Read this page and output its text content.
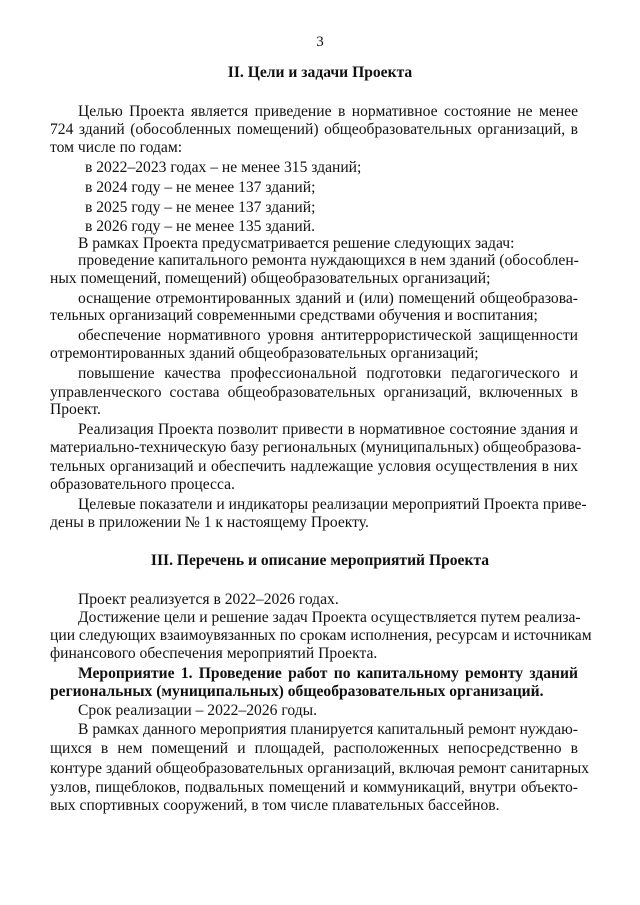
3
II. Цели и задачи Проекта
Целью Проекта является приведение в нормативное состояние не менее
724 зданий (обособленных помещений) общеобразовательных организаций, в
том числе по годам:
в 2022–2023 годах – не менее 315 зданий;
в 2024 году – не менее 137 зданий;
в 2025 году – не менее 137 зданий;
в 2026 году – не менее 135 зданий.
В рамках Проекта предусматривается решение следующих задач:
проведение капитального ремонта нуждающихся в нем зданий (обособлен-
ных помещений, помещений) общеобразовательных организаций;
оснащение отремонтированных зданий и (или) помещений общеобразова-
тельных организаций современными средствами обучения и воспитания;
обеспечение нормативного уровня антитеррористической защищенности
отремонтированных зданий общеобразовательных организаций;
повышение качества профессиональной подготовки педагогического и
управленческого состава общеобразовательных организаций, включенных в
Проект.
Реализация Проекта позволит привести в нормативное состояние здания и
материально-техническую базу региональных (муниципальных) общеобразова-
тельных организаций и обеспечить надлежащие условия осуществления в них
образовательного процесса.
Целевые показатели и индикаторы реализации мероприятий Проекта приве-
дены в приложении № 1 к настоящему Проекту.
III. Перечень и описание мероприятий Проекта
Проект реализуется в 2022–2026 годах.
Достижение цели и решение задач Проекта осуществляется путем реализа-
ции следующих взаимоувязанных по срокам исполнения, ресурсам и источникам
финансового обеспечения мероприятий Проекта.
Мероприятие 1. Проведение работ по капитальному ремонту зданий
региональных (муниципальных) общеобразовательных организаций.
Срок реализации – 2022–2026 годы.
В рамках данного мероприятия планируется капитальный ремонт нуждаю-
щихся в нем помещений и площадей, расположенных непосредственно в
контуре зданий общеобразовательных организаций, включая ремонт санитарных
узлов, пищеблоков, подвальных помещений и коммуникаций, внутри объекто-
вых спортивных сооружений, в том числе плавательных бассейнов.
